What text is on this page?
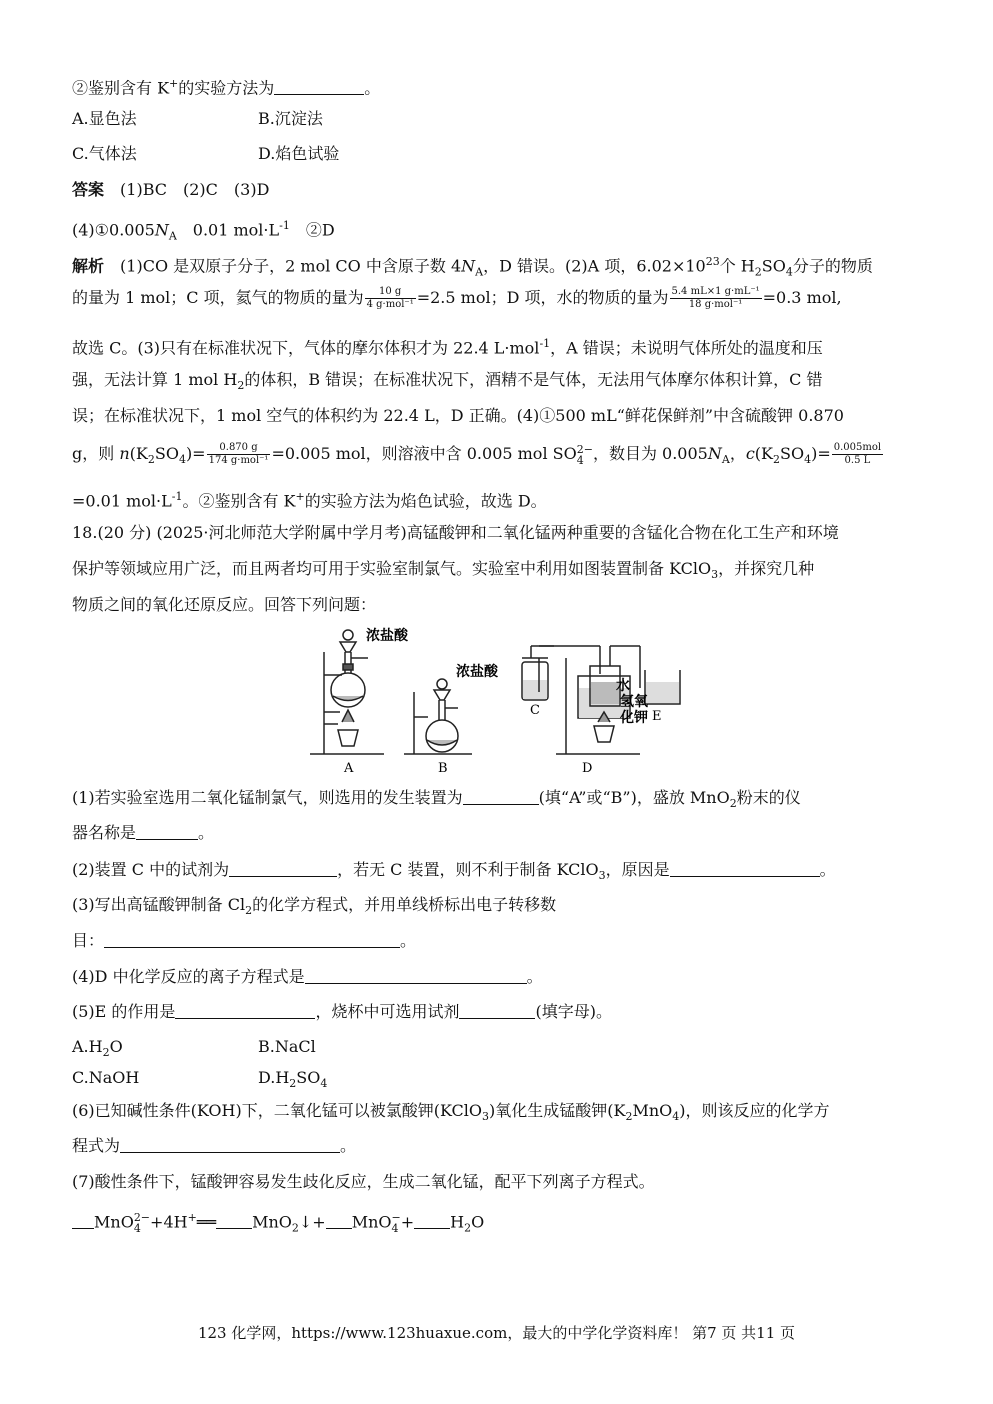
②鉴别含有 K+的实验方法为	。
A.显色法	B.沉淀法
C.气体法	D.焰色试验
答案　 (1)BC　(2)C　(3)D
$(4)①0.005N_A$　0.01 $mol\cdot L^{-1}$　②D
解析　 (1)CO 是双原子分子，2 mol CO 中含原子数 $4N_A$，D 错误。(2)A 项，$6.02\times 10^{23}$个 $H_2SO_4$分子的物质
的量为 1 mol；C 项，氦气的物质的量为 $\frac{10 g}{\text{4 g·mol⁻¹}} =2.5$ mol；D 项，水的物质的量为 $\frac{\text{5.4 mL×1 g·mL⁻¹}}{\text{18 g·mol⁻¹}} =0.3$ mol,
故选 C。(3)只有在标准状况下，气体的摩尔体积才为 22.4 L·mol$^{-1}$，A 错误；未说明气体所处的温度和压
强，无法计算 1 mol $H_2$的体积，B 错误；在标准状况下，酒精不是气体，无法用气体摩尔体积计算，C 错
误；在标准状况下，1 mol 空气的体积约为 22.4 L，D 正确。(4)①500 mL“鲜花保鲜剂”中含硫酸钾 0.870
g，则 $n(K_2SO_4)= \frac{0.870 g}{\text{174 g·mol⁻¹}} =0.005$ mol，则溶液中含 0.005 mol SO 2−
4 ，数目为 $0.005N_A$，$c(K_2SO_4)= \frac{\text{0.005mol}}{0.5 L}$
=0.01 $mol\cdot L^{-1}$。②鉴别含有 K+的实验方法为焰色试验，故选 D。
18.(20 分) (2025·河北师范大学附属中学月考)高锰酸钾和二氧化锰两种重要的含锰化合物在化工生产和环境
保护等领域应用广泛，而且两者均可用于实验室制氯气。实验室中利用如图装置制备 KClO$_3$，并探究几种
物质之间的氧化还原反应。回答下列问题：
浓盐酸
浓盐酸
A	B
C
D
E
水
氢氧
化钾
(1)若实验室选用二氧化锰制氯气，则选用的发生装置为	(填“A”或“B”)，盛放 MnO$_2$粉末的仪
器名称是	。
(2)装置 C 中的试剂为	，若无 C 装置，则不利于制备 KClO$_3$，原因是	。
(3)写出高锰酸钾制备 $Cl_2$的化学方程式，并用单线桥标出电子转移数
目：	。
(4)D 中化学反应的离子方程式是	。
(5)E 的作用是	，烧杯中可选用试剂	(填字母)。
$A.H_2O$	B.NaCl
C.NaOH	$D.H_2SO_4$
(6)已知碱性条件(KOH)下，二氧化锰可以被氯酸钾(KClO$_3$)氧化生成锰酸钾$(K_2MnO_4)$，则该反应的化学方
程式为	。
(7)酸性条件下，锰酸钾容易发生歧化反应，生成二氧化锰，配平下列离子方程式。
MnO 2−
4 +4H+══ MnO$_2$↓+ MnO −
$4 + H_2O$
123 化学网，https://www.123huaxue.com，最大的中学化学资料库！ 第7 页 共11 页
